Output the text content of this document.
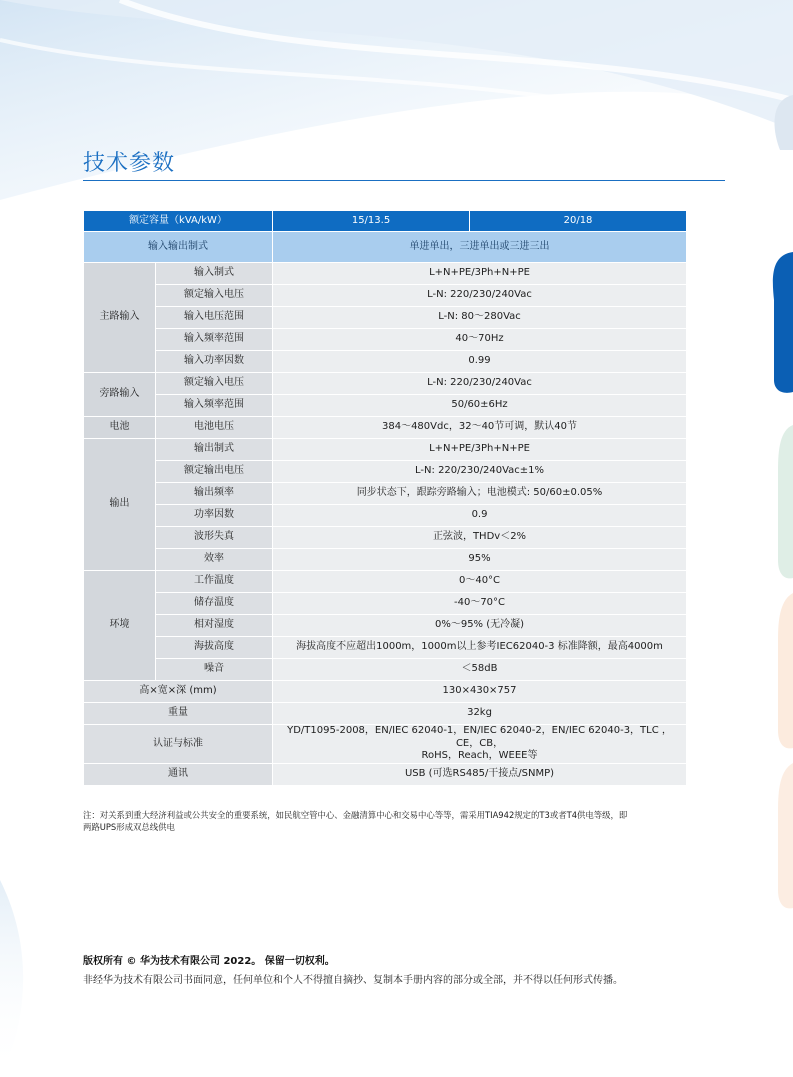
技术参数
额定容量（kVA/kW）		15/13.5	20/18
输入输出制式		单进单出，三进单出或三进三出	
主路输入	输入制式	L+N+PE/3Ph+N+PE	
	额定输入电压	L-N: 220/230/240Vac	
	输入电压范围	L-N: 80～280Vac	
	输入频率范围	40～70Hz	
	输入功率因数	0.99	
旁路输入	额定输入电压	L-N: 220/230/240Vac	
	输入频率范围	50/60±6Hz	
电池	电池电压	384～480Vdc，32～40节可调，默认40节	
输出	输出制式	L+N+PE/3Ph+N+PE	
	额定输出电压	L-N: 220/230/240Vac±1%	
	输出频率	同步状态下，跟踪旁路输入；电池模式: 50/60±0.05%	
	功率因数	0.9	
	波形失真	正弦波，THDv＜2%	
	效率	95%	
环境	工作温度	0～40°C	
	储存温度	-40～70°C	
	相对湿度	0%～95% (无冷凝)	
	海拔高度	海拔高度不应超出1000m，1000m以上参考IEC62040-3 标准降额，最高4000m	
	噪音	＜58dB	
高×宽×深 (mm)		130×430×757	
重量		32kg	
认证与标准		YD/T1095-2008，EN/IEC 62040-1，EN/IEC 62040-2，EN/IEC 62040-3，TLC ，CE，CB，
RoHS，Reach，WEEE等	

通讯		USB (可选RS485/干接点/SNMP)	
注：对关系到重大经济利益或公共安全的重要系统，如民航空管中心、金融清算中心和交易中心等等，需采用TIA942规定的T3或者T4供电等级，即
两路UPS形成双总线供电
版权所有 © 华为技术有限公司 2022。 保留一切权利。
非经华为技术有限公司书面同意，任何单位和个人不得擅自摘抄、复制本手册内容的部分或全部，并不得以任何形式传播。
